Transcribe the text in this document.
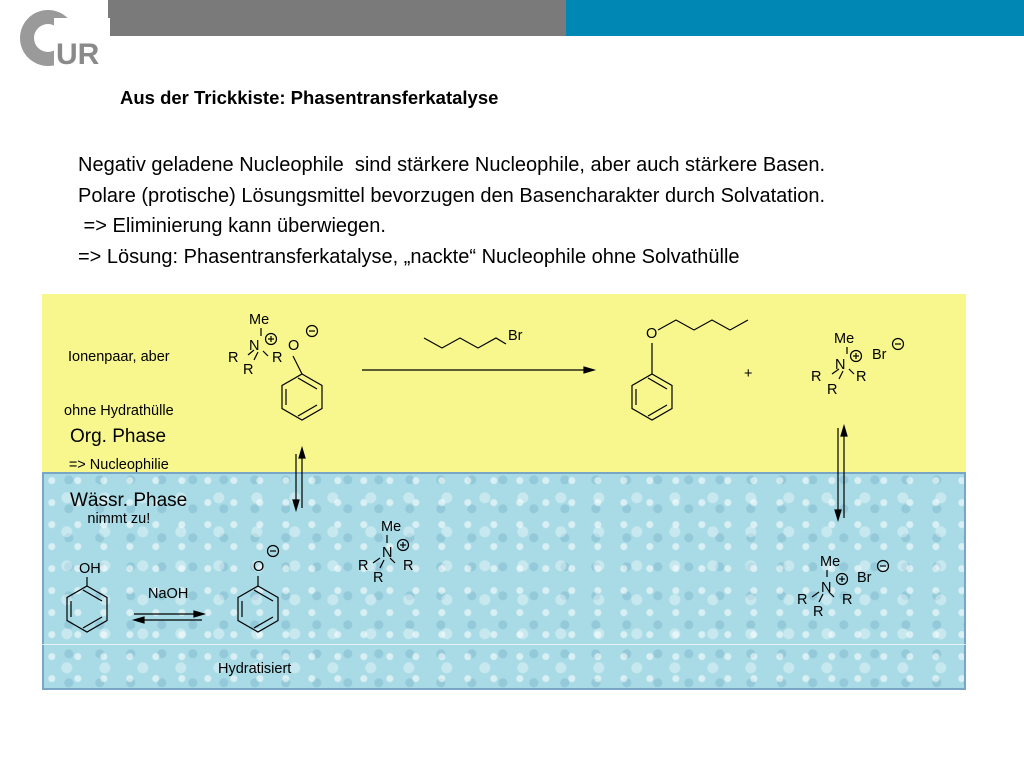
UR
Aus der Trickkiste: Phasentransferkatalyse
Negativ geladene Nucleophile  sind stärkere Nucleophile, aber auch stärkere Basen.
Polare (protische) Lösungsmittel bevorzugen den Basencharakter durch Solvatation.
=> Eliminierung kann überwiegen.
=> Lösung: Phasentransferkatalyse, „nackte“ Nucleophile ohne Solvathülle

Ionenpaar, aber

ohne Hydrathülle

=> Nucleophilie

nimmt zu!

Me
N
R R
R
O
Br	O
+
Me
N
R R
R
Br
Org. Phase
Wässr. Phase
OH
NaOH
O
Hydratisiert
Me
N
R R
R
Me
N
R R
R
Br
